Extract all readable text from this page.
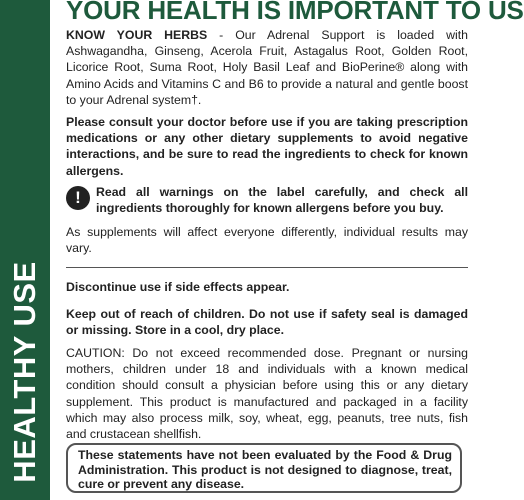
HEALTHY USE
YOUR HEALTH IS IMPORTANT TO US
KNOW YOUR HERBS - Our Adrenal Support is loaded with Ashwagandha, Ginseng, Acerola Fruit, Astagalus Root, Golden Root, Licorice Root, Suma Root, Holy Basil Leaf and BioPerine® along with Amino Acids and Vitamins C and B6 to provide a natural and gentle boost to your Adrenal system†.
Please consult your doctor before use if you are taking prescription medications or any other dietary supplements to avoid negative interactions, and be sure to read the ingredients to check for known allergens.
!	Read all warnings on the label carefully, and check all ingredients thoroughly for known allergens before you buy.
As supplements will affect everyone differently, individual results may vary.
Discontinue use if side effects appear.
Keep out of reach of children. Do not use if safety seal is damaged or missing. Store in a cool, dry place.
CAUTION: Do not exceed recommended dose. Pregnant or nursing mothers, children under 18 and individuals with a known medical condition should consult a physician before using this or any dietary supplement. This product is manufactured and packaged in a facility which may also process milk, soy, wheat, egg, peanuts, tree nuts, fish and crustacean shellfish.
These statements have not been evaluated by the Food & Drug Administration. This product is not designed to diagnose, treat, cure or prevent any disease.
